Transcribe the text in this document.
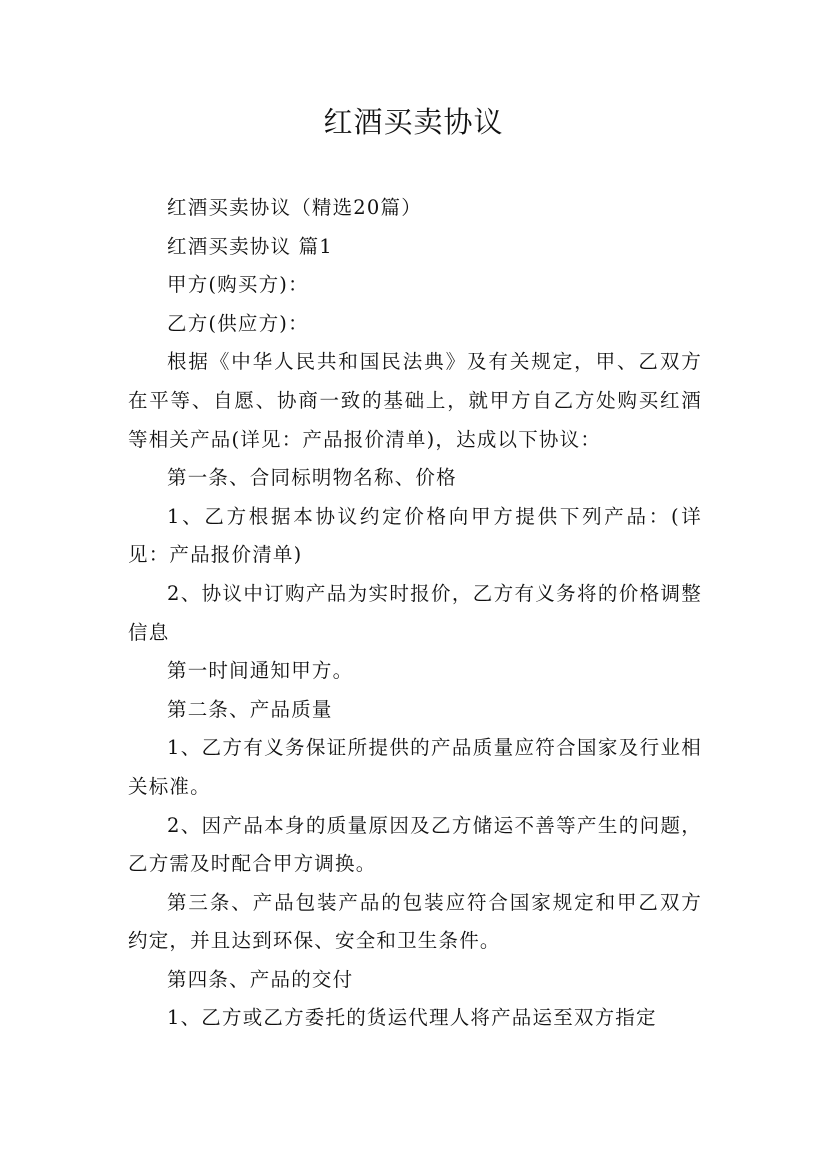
红酒买卖协议

红酒买卖协议（精选20篇）

红酒买卖协议 篇1

甲方(购买方)：

乙方(供应方)：

根据《中华人民共和国民法典》及有关规定，甲、乙双方在平等、自愿、协商一致的基础上，就甲方自乙方处购买红酒等相关产品(详见：产品报价清单)，达成以下协议：

第一条、合同标明物名称、价格

1、乙方根据本协议约定价格向甲方提供下列产品：(详见：产品报价清单)

2、协议中订购产品为实时报价，乙方有义务将的价格调整信息

第一时间通知甲方。

第二条、产品质量

1、乙方有义务保证所提供的产品质量应符合国家及行业相关标准。

2、因产品本身的质量原因及乙方储运不善等产生的问题，乙方需及时配合甲方调换。

第三条、产品包装产品的包装应符合国家规定和甲乙双方约定，并且达到环保、安全和卫生条件。

第四条、产品的交付

1、乙方或乙方委托的货运代理人将产品运至双方指定
